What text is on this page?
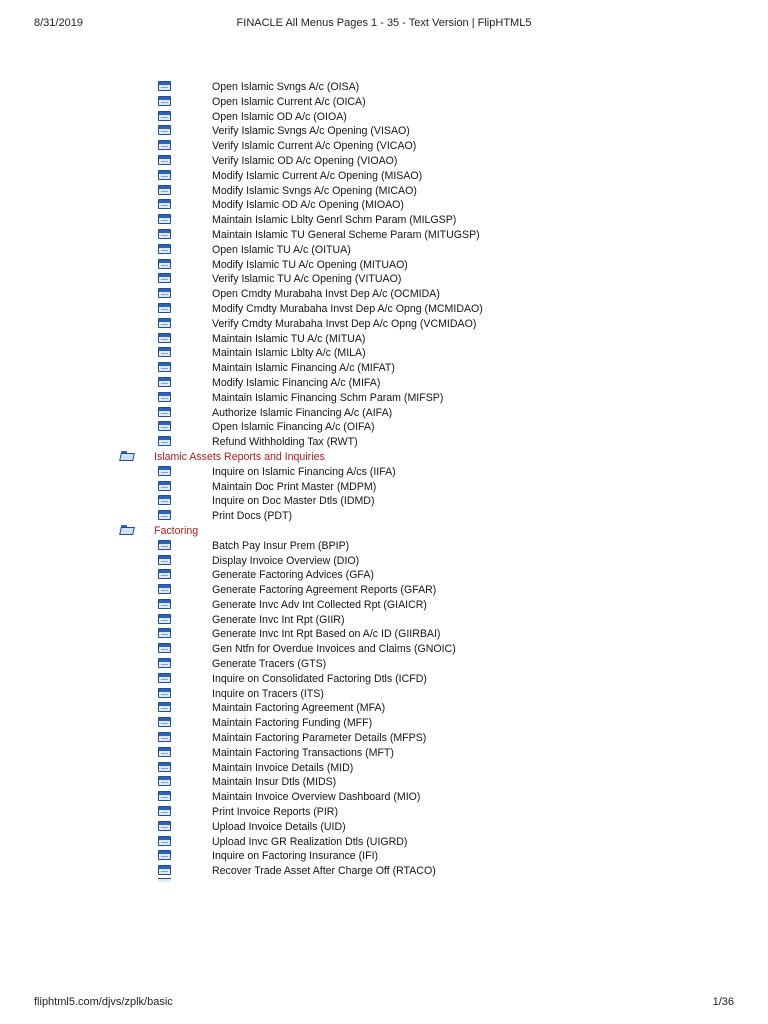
8/31/2019	FINACLE All Menus Pages 1 - 35 - Text Version | FlipHTML5
Open Islamic Svngs A/c (OISA)
Open Islamic Current A/c (OICA)
Open Islamic OD A/c (OIOA)
Verify Islamic Svngs A/c Opening (VISAO)
Verify Islamic Current A/c Opening (VICAO)
Verify Islamic OD A/c Opening (VIOAO)
Modify Islamic Current A/c Opening (MISAO)
Modify Islamic Svngs A/c Opening (MICAO)
Modify Islamic OD A/c Opening (MIOAO)
Maintain Islamic Lblty Genrl Schm Param (MILGSP)
Maintain Islamic TU General Scheme Param (MITUGSP)
Open Islamic TU A/c (OITUA)
Modify Islamic TU A/c Opening (MITUAO)
Verify Islamic TU A/c Opening (VITUAO)
Open Cmdty Murabaha Invst Dep A/c (OCMIDA)
Modify Cmdty Murabaha Invst Dep A/c Opng (MCMIDAO)
Verify Cmdty Murabaha Invst Dep A/c Opng (VCMIDAO)
Maintain Islamic TU A/c (MITUA)
Maintain Islamic Lblty A/c (MILA)
Maintain Islamic Financing A/c (MIFAT)
Modify Islamic Financing A/c (MIFA)
Maintain Islamic Financing Schm Param (MIFSP)
Authorize Islamic Financing A/c (AIFA)
Open Islamic Financing A/c (OIFA)
Refund Withholding Tax (RWT)
Islamic Assets Reports and Inquiries
Inquire on Islamic Financing A/cs (IIFA)
Maintain Doc Print Master (MDPM)
Inquire on Doc Master Dtls (IDMD)
Print Docs (PDT)
Factoring
Batch Pay Insur Prem (BPIP)
Display Invoice Overview (DIO)
Generate Factoring Advices (GFA)
Generate Factoring Agreement Reports (GFAR)
Generate Invc Adv Int Collected Rpt (GIAICR)
Generate Invc Int Rpt (GIIR)
Generate Invc Int Rpt Based on A/c ID (GIIRBAI)
Gen Ntfn for Overdue Invoices and Claims (GNOIC)
Generate Tracers (GTS)
Inquire on Consolidated Factoring Dtls (ICFD)
Inquire on Tracers (ITS)
Maintain Factoring Agreement (MFA)
Maintain Factoring Funding (MFF)
Maintain Factoring Parameter Details (MFPS)
Maintain Factoring Transactions (MFT)
Maintain Invoice Details (MID)
Maintain Insur Dtls (MIDS)
Maintain Invoice Overview Dashboard (MIO)
Print Invoice Reports (PIR)
Upload Invoice Details (UID)
Upload Invc GR Realization Dtls (UIGRD)
Inquire on Factoring Insurance (IFI)
Recover Trade Asset After Charge Off (RTACO)
fliphtml5.com/djvs/zplk/basic	1/36
